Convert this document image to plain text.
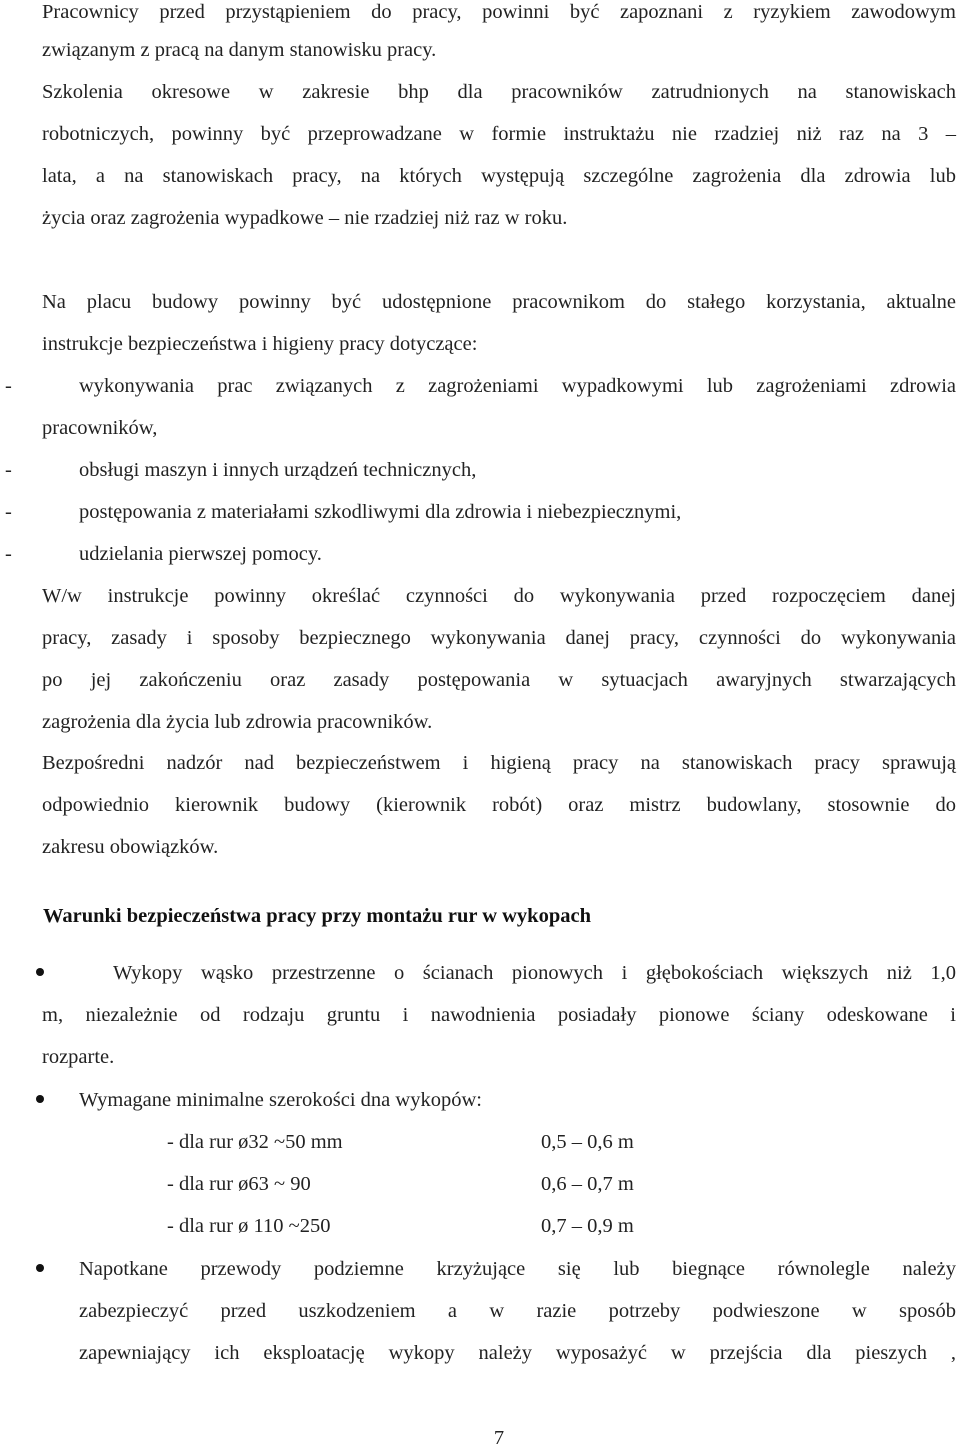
Pracownicy przed przystąpieniem do pracy, powinni być zapoznani z ryzykiem zawodowym
związanym z pracą na danym stanowisku pracy.
Szkolenia okresowe w zakresie bhp dla pracowników zatrudnionych na stanowiskach
robotniczych, powinny być przeprowadzane w formie instruktażu nie rzadziej niż raz na 3 –
lata, a na stanowiskach pracy, na których występują szczególne zagrożenia dla zdrowia lub
życia oraz zagrożenia wypadkowe – nie rzadziej niż raz w roku.
Na placu budowy powinny być udostępnione pracownikom do stałego korzystania, aktualne
instrukcje bezpieczeństwa i higieny pracy dotyczące:
-	wykonywania prac związanych z zagrożeniami wypadkowymi lub zagrożeniami zdrowia
pracowników,
-	obsługi maszyn i innych urządzeń technicznych,
-	postępowania z materiałami szkodliwymi dla zdrowia i niebezpiecznymi,
-	udzielania pierwszej pomocy.
W/w instrukcje powinny określać czynności do wykonywania przed rozpoczęciem danej
pracy, zasady i sposoby bezpiecznego wykonywania danej pracy, czynności do wykonywania
po jej zakończeniu oraz zasady postępowania w sytuacjach awaryjnych stwarzających
zagrożenia dla życia lub zdrowia pracowników.
Bezpośredni nadzór nad bezpieczeństwem i higieną pracy na stanowiskach pracy sprawują
odpowiednio kierownik budowy (kierownik robót) oraz mistrz budowlany, stosownie do
zakresu obowiązków.
Warunki bezpieczeństwa pracy przy montażu rur w wykopach
Wykopy wąsko przestrzenne o ścianach pionowych i głębokościach większych niż 1,0
m, niezależnie od rodzaju gruntu i nawodnienia posiadały pionowe ściany odeskowane i
rozparte.
Wymagane minimalne szerokości dna wykopów:
- dla rur ø32 ~50 mm	0,5 – 0,6 m
- dla rur ø63 ~ 90	0,6 – 0,7 m
- dla rur ø 110 ~250	0,7 – 0,9 m
Napotkane przewody podziemne krzyżujące się lub biegnące równolegle należy
zabezpieczyć przed uszkodzeniem a w razie potrzeby podwieszone w sposób
zapewniający ich eksploatację wykopy należy wyposażyć w przejścia dla pieszych ,
7
